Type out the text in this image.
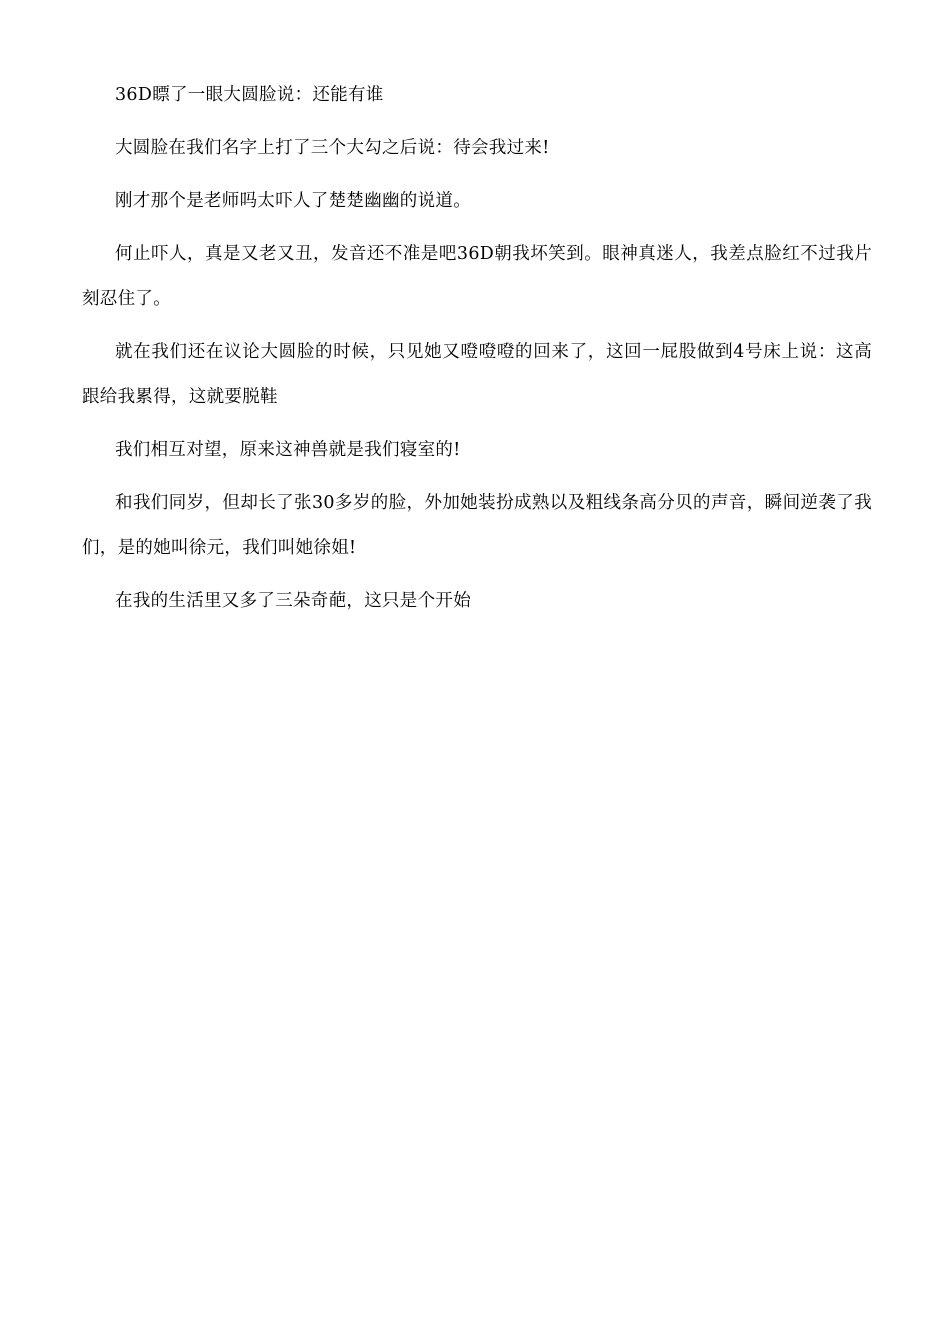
36D瞟了一眼大圆脸说：还能有谁

大圆脸在我们名字上打了三个大勾之后说：待会我过来!

刚才那个是老师吗太吓人了楚楚幽幽的说道。

何止吓人，真是又老又丑，发音还不准是吧36D朝我坏笑到。眼神真迷人，我差点脸红不过我片刻忍住了。

就在我们还在议论大圆脸的时候，只见她又噔噔噔的回来了，这回一屁股做到4号床上说：这高跟给我累得，这就要脱鞋

我们相互对望，原来这神兽就是我们寝室的!

和我们同岁，但却长了张30多岁的脸，外加她装扮成熟以及粗线条高分贝的声音，瞬间逆袭了我们，是的她叫徐元，我们叫她徐姐!

在我的生活里又多了三朵奇葩，这只是个开始
